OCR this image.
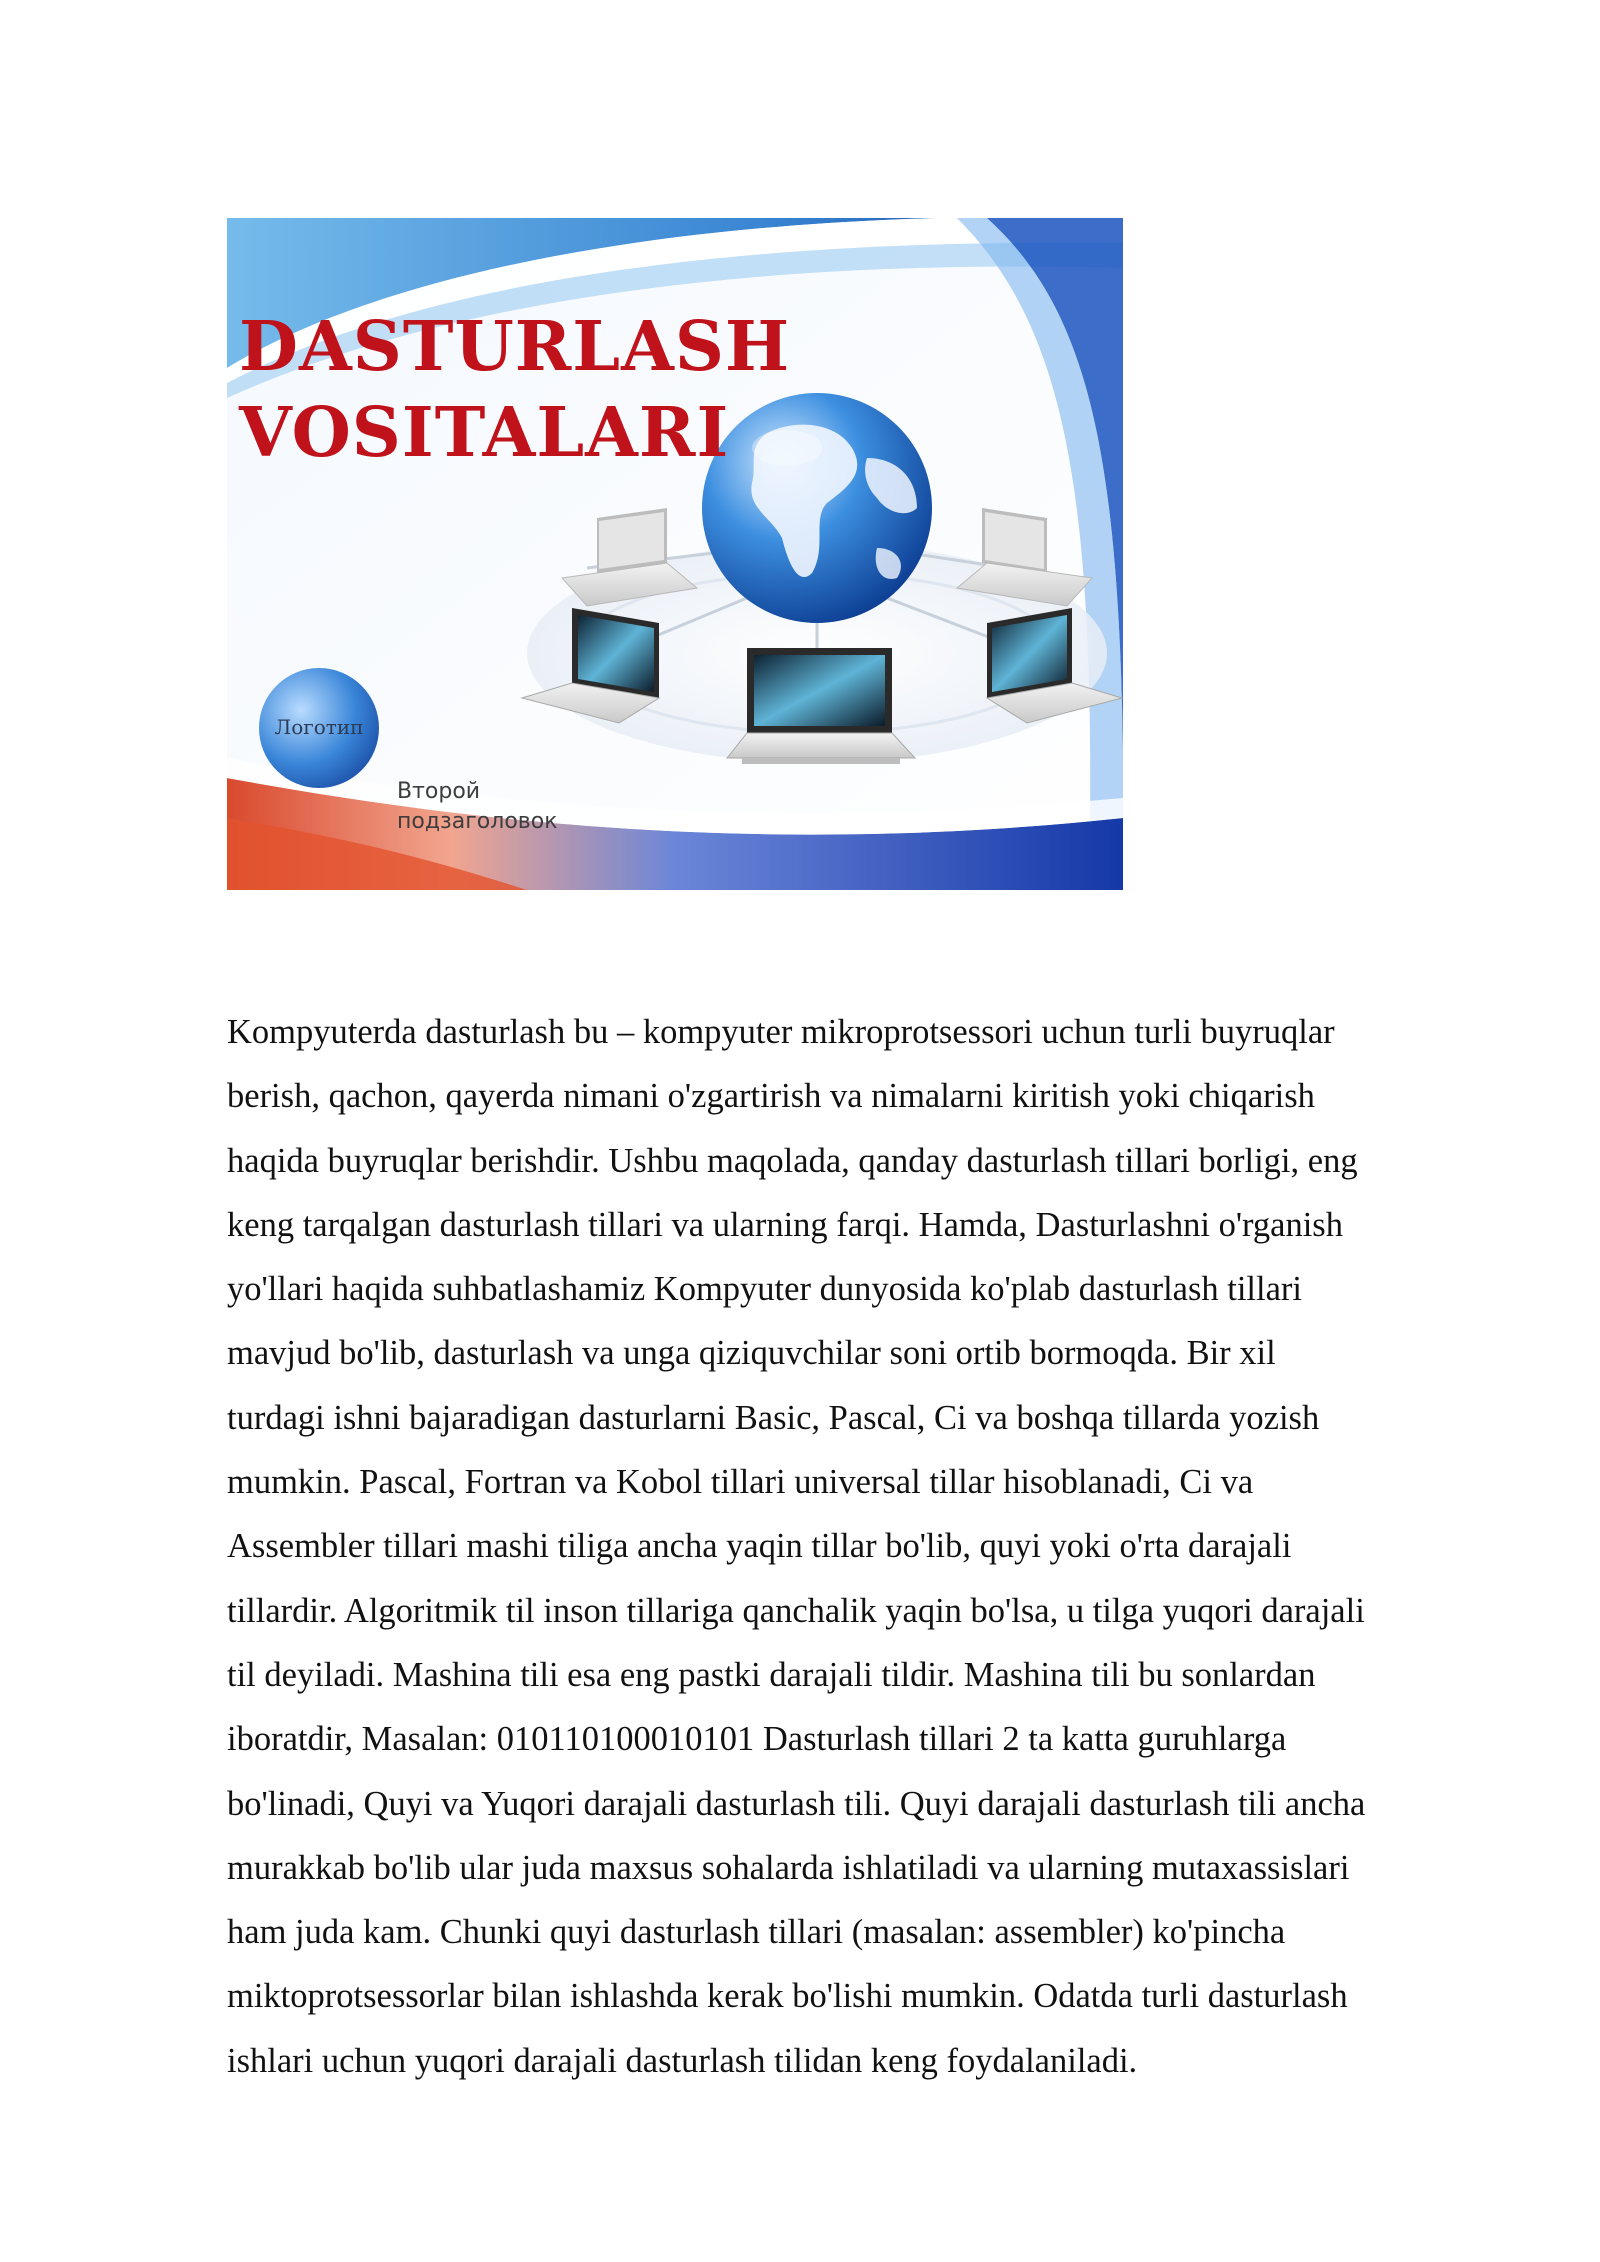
Логотип
DASTURLASH
VOSITALARI
Второй
подзаголовок

Kompyuterda dasturlash bu – kompyuter mikroprotsessori uchun turli buyruqlar
berish, qachon, qayerda nimani o'zgartirish va nimalarni kiritish yoki chiqarish
haqida buyruqlar berishdir. Ushbu maqolada, qanday dasturlash tillari borligi, eng
keng tarqalgan dasturlash tillari va ularning farqi. Hamda, Dasturlashni o'rganish
yo'llari haqida suhbatlashamiz Kompyuter dunyosida ko'plab dasturlash tillari
mavjud bo'lib, dasturlash va unga qiziquvchilar soni ortib bormoqda. Bir xil
turdagi ishni bajaradigan dasturlarni Basic, Pascal, Ci va boshqa tillarda yozish
mumkin. Pascal, Fortran va Kobol tillari universal tillar hisoblanadi, Ci va
Assembler tillari mashi tiliga ancha yaqin tillar bo'lib, quyi yoki o'rta darajali
tillardir. Algoritmik til inson tillariga qanchalik yaqin bo'lsa, u tilga yuqori darajali
til deyiladi. Mashina tili esa eng pastki darajali tildir. Mashina tili bu sonlardan
iboratdir, Masalan: 010110100010101 Dasturlash tillari 2 ta katta guruhlarga
bo'linadi, Quyi va Yuqori darajali dasturlash tili. Quyi darajali dasturlash tili ancha
murakkab bo'lib ular juda maxsus sohalarda ishlatiladi va ularning mutaxassislari
ham juda kam. Chunki quyi dasturlash tillari (masalan: assembler) ko'pincha
miktoprotsessorlar bilan ishlashda kerak bo'lishi mumkin. Odatda turli dasturlash
ishlari uchun yuqori darajali dasturlash tilidan keng foydalaniladi.
